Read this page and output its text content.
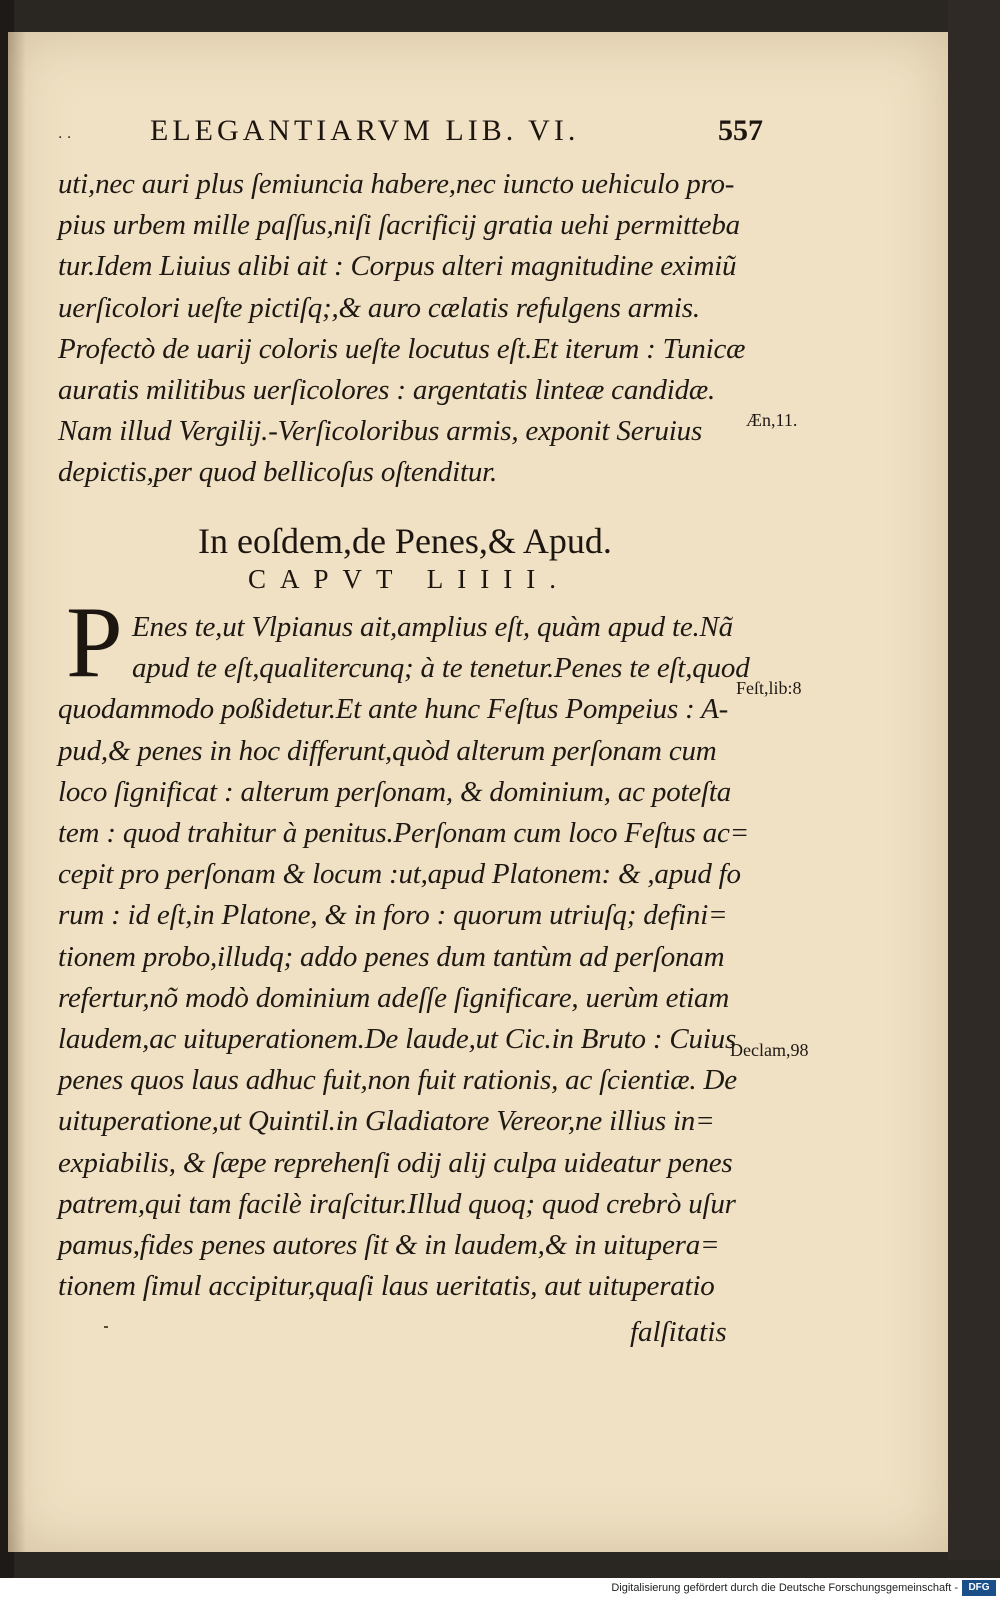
. .	ELEGANTIARVM LIB. VI.	557
uti,nec auri plus ſemiuncia habere,nec iuncto uehiculo pro-
pius urbem mille paſſus,niſi ſacrificij gratia uehi permitteba
tur.Idem Liuius alibi ait : Corpus alteri magnitudine eximiũ
uerſicolori ueſte pictiſq;,& auro cælatis refulgens armis.
Profectò de uarij coloris ueſte locutus eſt.Et iterum : Tunicæ
auratis militibus uerſicolores : argentatis linteæ candidæ.
Nam illud Vergilij.-Verſicoloribus armis, exponit Seruius
depictis,per quod bellicoſus oſtenditur.
In eoſdem,de Penes,& Apud.
CAPVT LIIII.
P Enes te,ut Vlpianus ait,amplius eſt, quàm apud te.Nã
apud te eſt,qualitercunq; à te tenetur.Penes te eſt,quod
quodammodo poßidetur.Et ante hunc Feſtus Pompeius : A-
pud,& penes in hoc differunt,quòd alterum perſonam cum
loco ſignificat : alterum perſonam, & dominium, ac poteſta
tem : quod trahitur à penitus.Perſonam cum loco Feſtus ac=
cepit pro perſonam & locum :ut,apud Platonem: & ,apud fo
rum : id eſt,in Platone, & in foro : quorum utriuſq; defini=
tionem probo,illudq; addo penes dum tantùm ad perſonam
refertur,nõ modò dominium adeſſe ſignificare, uerùm etiam
laudem,ac uituperationem.De laude,ut Cic.in Bruto : Cuius
penes quos laus adhuc fuit,non fuit rationis, ac ſcientiæ. De
uituperatione,ut Quintil.in Gladiatore Vereor,ne illius in=
expiabilis, & ſæpe reprehenſi odij alij culpa uideatur penes
patrem,qui tam facilè iraſcitur.Illud quoq; quod crebrò uſur
pamus,fides penes autores ſit & in laudem,& in uitupera=
tionem ſimul accipitur,quaſi laus ueritatis, aut uituperatio
falſitatis
Æn,11.
Feſt,lib:8
Declam,98
Digitalisierung gefördert durch die Deutsche Forschungsgemeinschaft -	DFG
